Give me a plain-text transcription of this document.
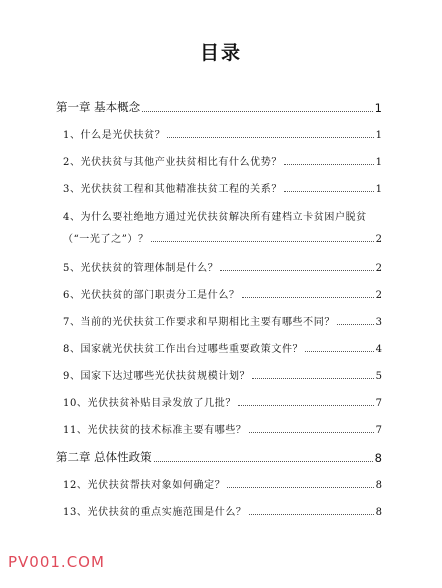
目录
第一章 基本概念	1
1、什么是光伏扶贫？	1
2、光伏扶贫与其他产业扶贫相比有什么优势？	1
3、光伏扶贫工程和其他精准扶贫工程的关系？	1
4、为什么要社绝地方通过光伏扶贫解决所有建档立卡贫困户脱贫
（“一光了之”）？	2
5、光伏扶贫的管理体制是什么？	2
6、光伏扶贫的部门职责分工是什么？	2
7、当前的光伏扶贫工作要求和早期相比主要有哪些不同？	3
8、国家就光伏扶贫工作出台过哪些重要政策文件？	4
9、国家下达过哪些光伏扶贫规模计划？	5
10、光伏扶贫补贴目录发放了几批？	7
11、光伏扶贫的技术标准主要有哪些？	7
第二章 总体性政策	8
12、光伏扶贫帮扶对象如何确定？	8
13、光伏扶贫的重点实施范围是什么？	8
PV001.COM
